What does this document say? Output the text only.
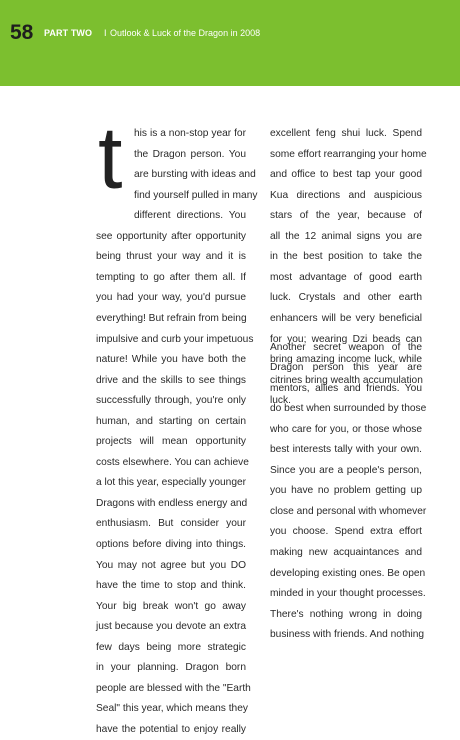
58 PART TWO I Outlook & Luck of the Dragon in 2008
t his is a non-stop year for
the Dragon person. You
are bursting with ideas and
find yourself pulled in many
different directions. You
see opportunity after opportunity
being thrust your way and it is
tempting to go after them all. If
you had your way, you'd pursue
everything! But refrain from being
impulsive and curb your impetuous
nature! While you have both the
drive and the skills to see things
successfully through, you're only
human, and starting on certain
projects will mean opportunity
costs elsewhere. You can achieve
a lot this year, especially younger
Dragons with endless energy and
enthusiasm. But consider your
options before diving into things.
You may not agree but you DO
have the time to stop and think.
Your big break won't go away
just because you devote an extra
few days being more strategic
in your planning. Dragon born
people are blessed with the "Earth
Seal" this year, which means they
have the potential to enjoy really
excellent feng shui luck. Spend
some effort rearranging your home
and office to best tap your good
Kua directions and auspicious
stars of the year, because of
all the 12 animal signs you are
in the best position to take the
most advantage of good earth
luck. Crystals and other earth
enhancers will be very beneficial
for you; wearing Dzi beads can
bring amazing income luck, while
citrines bring wealth accumulation
luck.
Another secret weapon of the
Dragon person this year are
mentors, allies and friends. You
do best when surrounded by those
who care for you, or those whose
best interests tally with your own.
Since you are a people's person,
you have no problem getting up
close and personal with whomever
you choose. Spend extra effort
making new acquaintances and
developing existing ones. Be open
minded in your thought processes.
There's nothing wrong in doing
business with friends. And nothing
